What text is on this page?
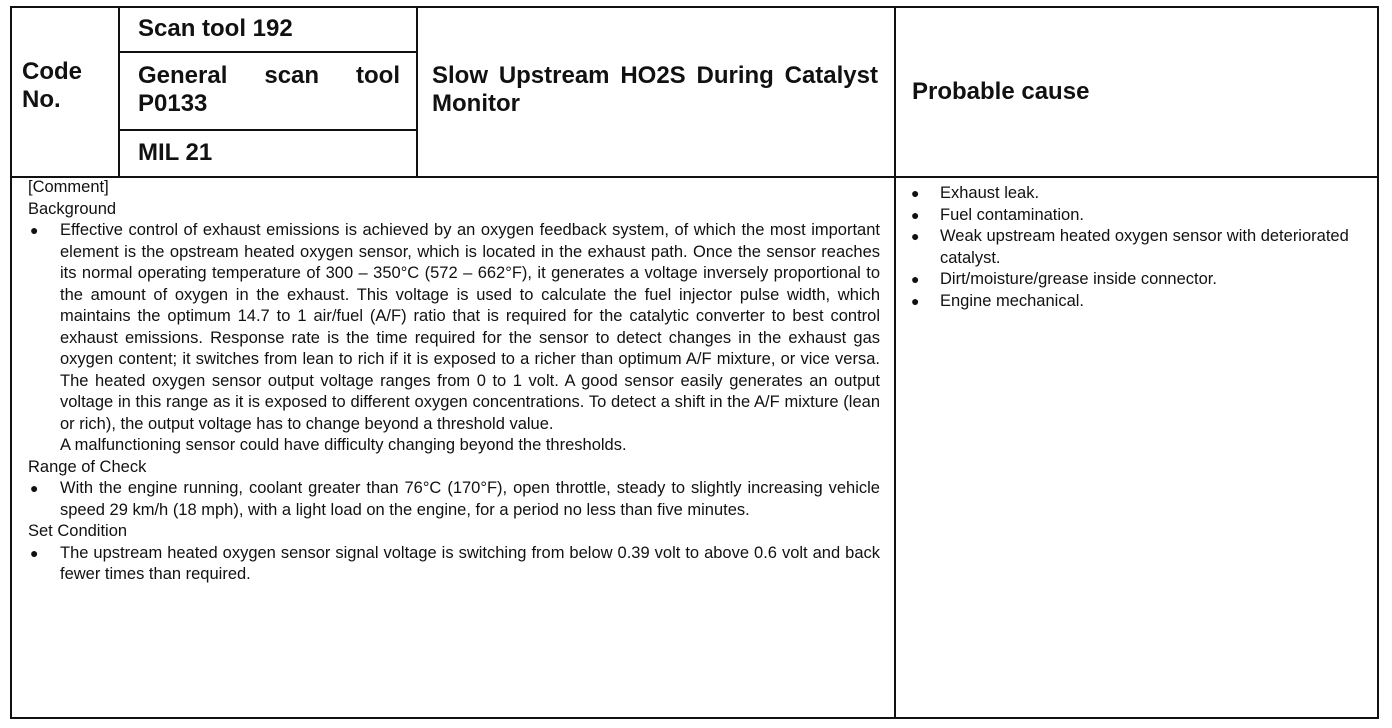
Code No.
Scan tool 192
General scan tool P0133
MIL 21
Slow Upstream HO2S During Catalyst Monitor	Probable cause

[Comment]

Background

● Effective control of exhaust emissions is achieved by an oxygen feedback system, of which the most important element is the opstream heated oxygen sensor, which is located in the exhaust path. Once the sensor reaches its normal operating temperature of 300 – 350°C (572 – 662°F), it generates a voltage inversely proportional to the amount of oxygen in the exhaust. This voltage is used to calculate the fuel injector pulse width, which maintains the optimum 14.7 to 1 air/fuel (A/F) ratio that is required for the catalytic converter to best control exhaust emissions. Response rate is the time required for the sensor to detect changes in the exhaust gas oxygen content; it switches from lean to rich if it is exposed to a richer than optimum A/F mixture, or vice versa. The heated oxygen sensor output voltage ranges from 0 to 1 volt. A good sensor easily generates an output voltage in this range as it is exposed to different oxygen concentrations. To detect a shift in the A/F mixture (lean or rich), the output voltage has to change beyond a threshold value.

A malfunctioning sensor could have difficulty changing beyond the thresholds.

Range of Check

● With the engine running, coolant greater than 76°C (170°F), open throttle, steady to slightly increasing vehicle speed 29 km/h (18 mph), with a light load on the engine, for a period no less than five minutes.

Set Condition

● The upstream heated oxygen sensor signal voltage is switching from below 0.39 volt to above 0.6 volt and back fewer times than required.
● Exhaust leak.
● Fuel contamination.
● Weak upstream heated oxygen sensor with deteriorated catalyst.
● Dirt/moisture/grease inside connector.
● Engine mechanical.
